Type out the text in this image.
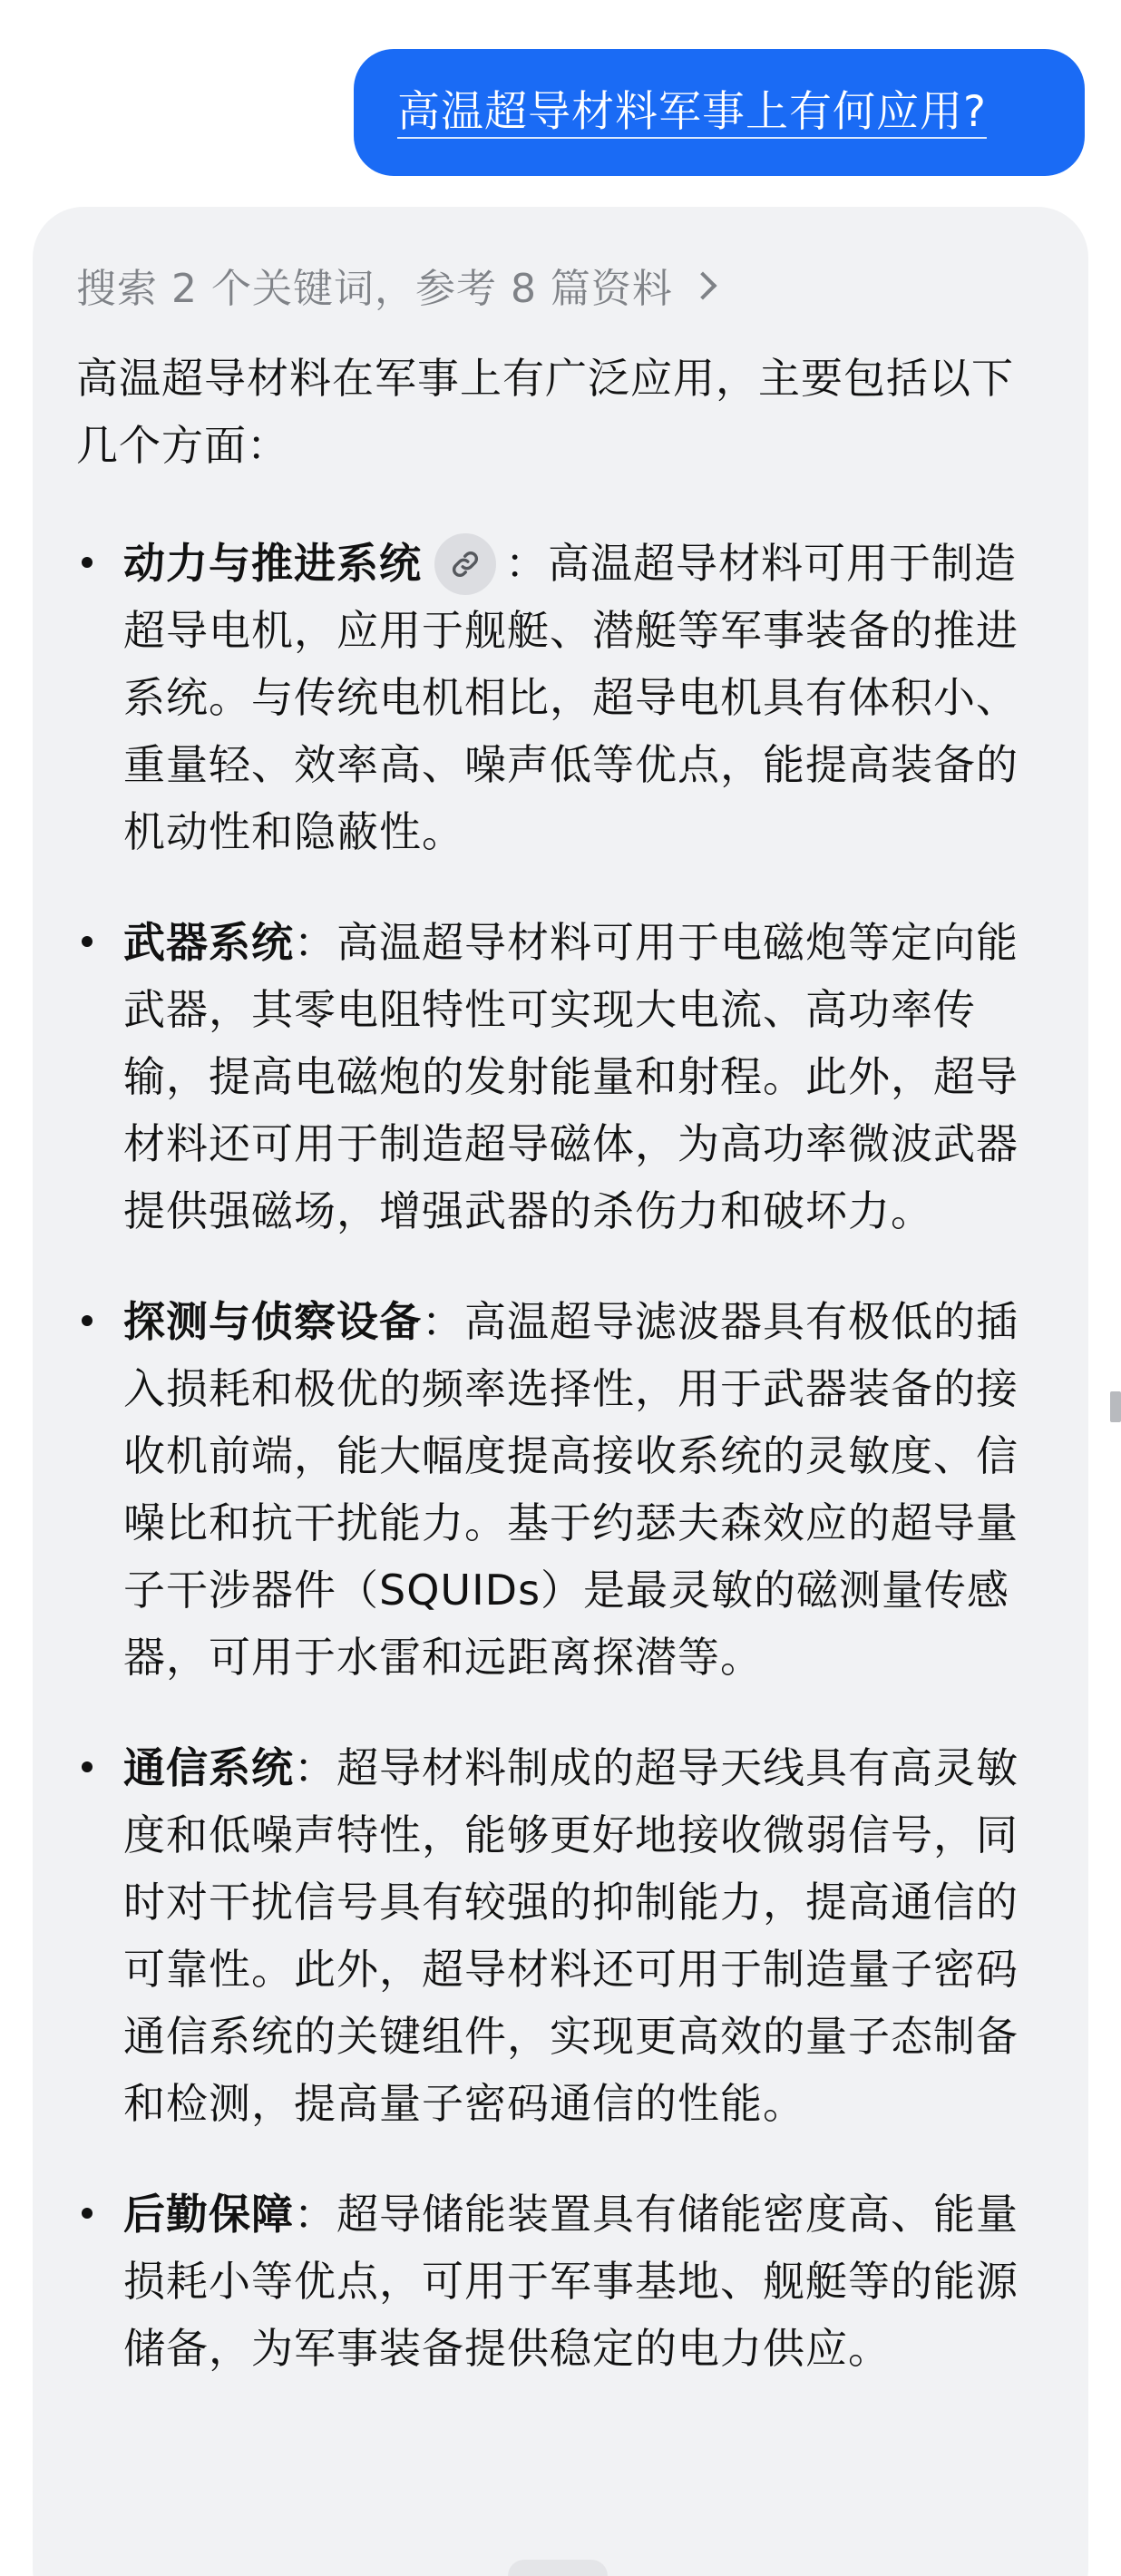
高温超导材料军事上有何应用?
搜索 2 个关键词，参考 8 篇资料
高温超导材料在军事上有广泛应用，主要包括以下几个方面：
动力与推进系统 ：高温超导材料可用于制造超导电机，应用于舰艇、潜艇等军事装备的推进系统。与传统电机相比，超导电机具有体积小、重量轻、效率高、噪声低等优点，能提高装备的机动性和隐蔽性。
武器系统：高温超导材料可用于电磁炮等定向能武器，其零电阻特性可实现大电流、高功率传输，提高电磁炮的发射能量和射程。此外，超导材料还可用于制造超导磁体，为高功率微波武器提供强磁场，增强武器的杀伤力和破坏力。
探测与侦察设备：高温超导滤波器具有极低的插入损耗和极优的频率选择性，用于武器装备的接收机前端，能大幅度提高接收系统的灵敏度、信噪比和抗干扰能力。基于约瑟夫森效应的超导量子干涉器件（SQUIDs）是最灵敏的磁测量传感器，可用于水雷和远距离探潜等。
通信系统：超导材料制成的超导天线具有高灵敏度和低噪声特性，能够更好地接收微弱信号，同时对干扰信号具有较强的抑制能力，提高通信的可靠性。此外，超导材料还可用于制造量子密码通信系统的关键组件，实现更高效的量子态制备和检测，提高量子密码通信的性能。
后勤保障：超导储能装置具有储能密度高、能量损耗小等优点，可用于军事基地、舰艇等的能源储备，为军事装备提供稳定的电力供应。
